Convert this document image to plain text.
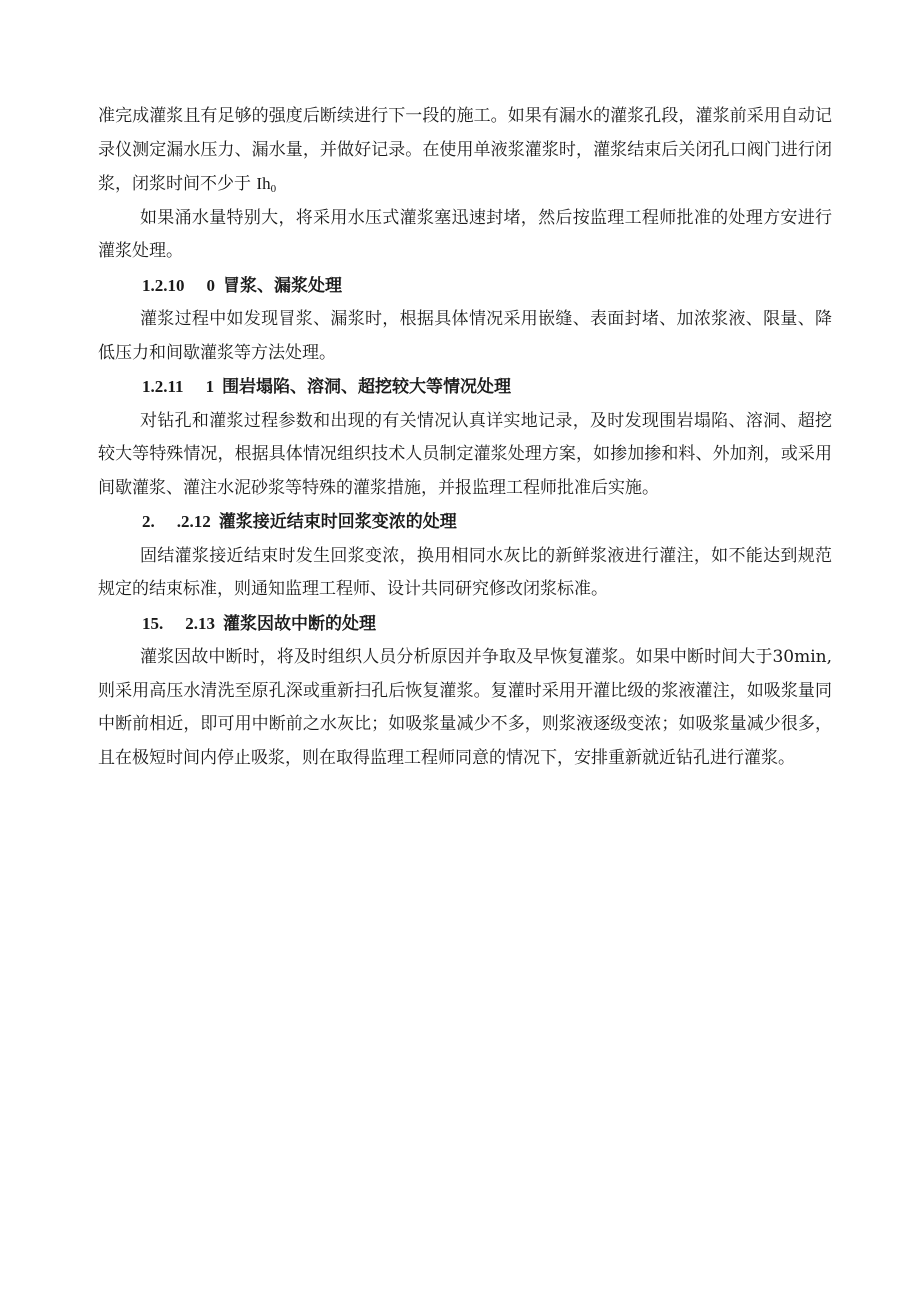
准完成灌浆且有足够的强度后断续进行下一段的施工。如果有漏水的灌浆孔段，灌浆前采用自动记录仪测定漏水压力、漏水量，并做好记录。在使用单液浆灌浆时，灌浆结束后关闭孔口阀门进行闭浆，闭浆时间不少于 $Ih_0$

如果涌水量特别大，将采用水压式灌浆塞迅速封堵，然后按监理工程师批准的处理方安进行灌浆处理。

1.2.10 0 冒浆、漏浆处理

灌浆过程中如发现冒浆、漏浆时，根据具体情况采用嵌缝、表面封堵、加浓浆液、限量、降低压力和间歇灌浆等方法处理。

1.2.11 1 围岩塌陷、溶洞、超挖较大等情况处理

对钻孔和灌浆过程参数和出现的有关情况认真详实地记录，及时发现围岩塌陷、溶洞、超挖较大等特殊情况，根据具体情况组织技术人员制定灌浆处理方案，如掺加掺和料、外加剂，或采用间歇灌浆、灌注水泥砂浆等特殊的灌浆措施，并报监理工程师批准后实施。

2. .2.12 灌浆接近结束时回浆变浓的处理

固结灌浆接近结束时发生回浆变浓，换用相同水灰比的新鲜浆液进行灌注，如不能达到规范规定的结束标准，则通知监理工程师、设计共同研究修改闭浆标准。

15. 2.13 灌浆因故中断的处理

灌浆因故中断时，将及时组织人员分析原因并争取及早恢复灌浆。如果中断时间大于30min,则采用高压水清洗至原孔深或重新扫孔后恢复灌浆。复灌时采用开灌比级的浆液灌注，如吸浆量同中断前相近，即可用中断前之水灰比；如吸浆量减少不多，则浆液逐级变浓；如吸浆量减少很多，且在极短时间内停止吸浆，则在取得监理工程师同意的情况下，安排重新就近钻孔进行灌浆。
